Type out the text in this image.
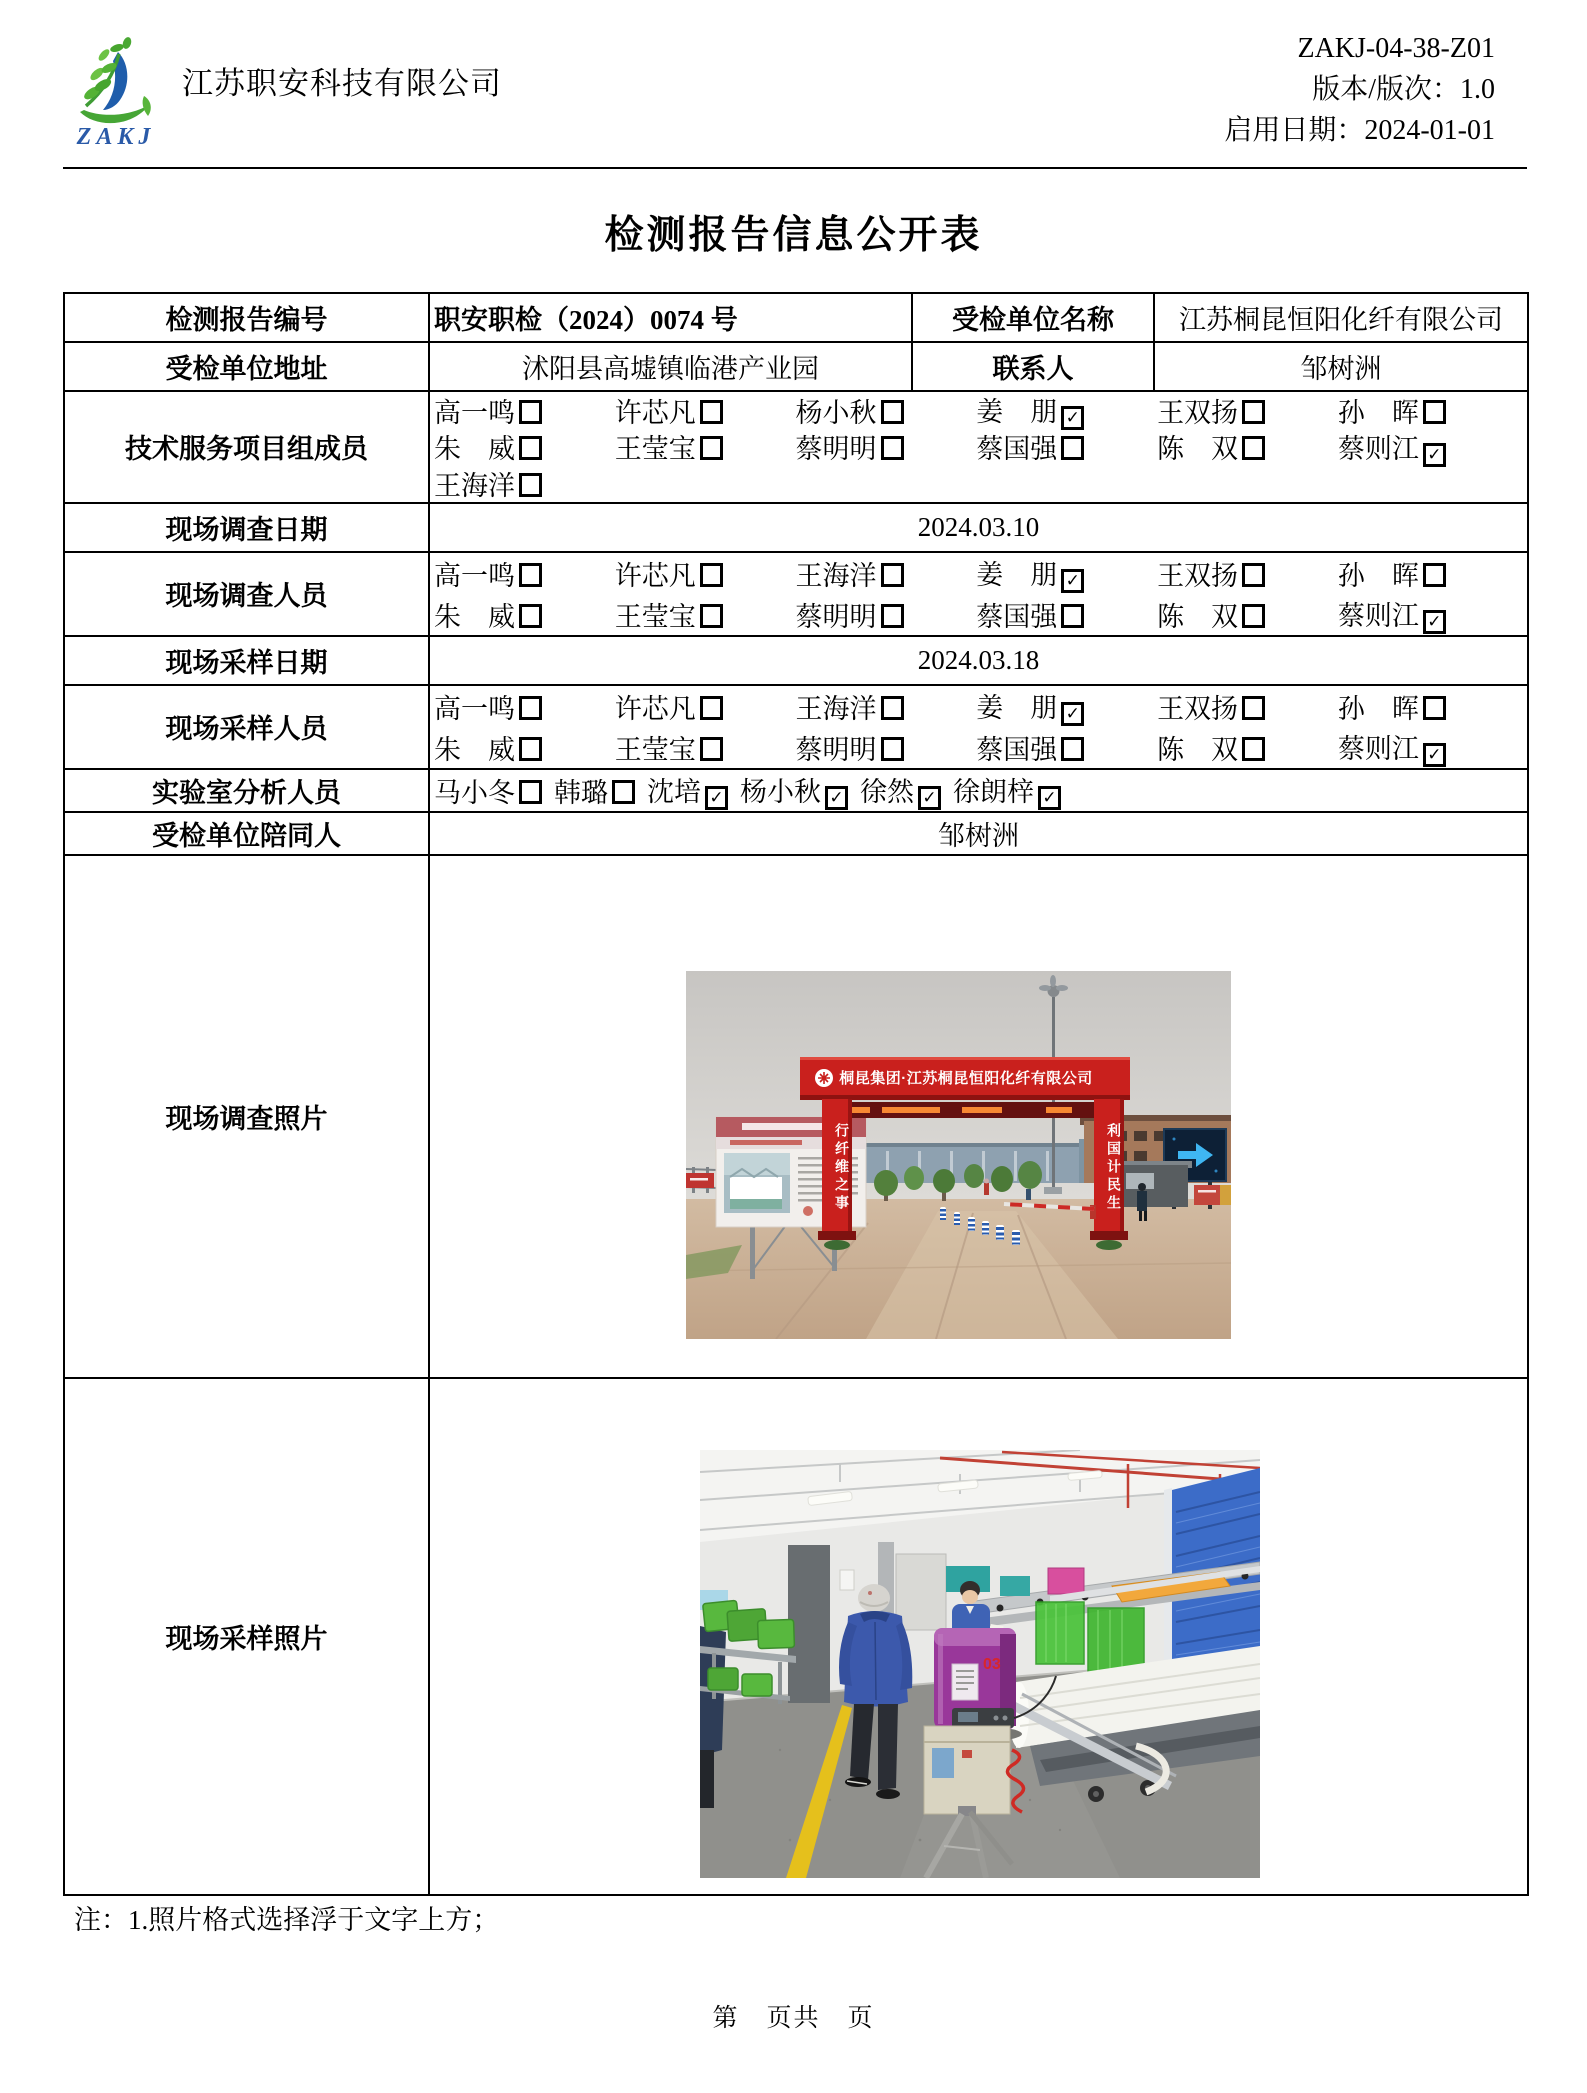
ZAKJ
江苏职安科技有限公司
ZAKJ-04-38-Z01
版本/版次：1.0
启用日期：2024-01-01
检测报告信息公开表
检测报告编号	职安职检（2024）0074 号	受检单位名称	江苏桐昆恒阳化纤有限公司
受检单位地址	沭阳县高墟镇临港产业园	联系人	邹树洲
技术服务项目组成员	
高一鸣	许芯凡	杨小秋	姜　朋 ✓	王双扬	孙　晖
朱　威	王莹宝	蔡明明	蔡国强	陈　双	蔡则江 ✓
王海洋

现场调查日期	2024.03.10		
现场调查人员	
高一鸣	许芯凡	王海洋	姜　朋 ✓	王双扬	孙　晖
朱　威	王莹宝	蔡明明	蔡国强	陈　双	蔡则江 ✓

现场采样日期	2024.03.18		
现场采样人员	
高一鸣	许芯凡	王海洋	姜　朋 ✓	王双扬	孙　晖
朱　威	王莹宝	蔡明明	蔡国强	陈　双	蔡则江 ✓

实验室分析人员	马小冬	韩璐	沈培 ✓ 杨小秋 ✓ 徐然 ✓ 徐朗梓 ✓

受检单位陪同人	邹树洲		
现场调查照片	桐昆集团·江苏桐昆恒阳化纤有限公司
行纤维之事 利国计民生		

现场采样照片	03		
注：1.照片格式选择浮于文字上方；
第　页共　页
